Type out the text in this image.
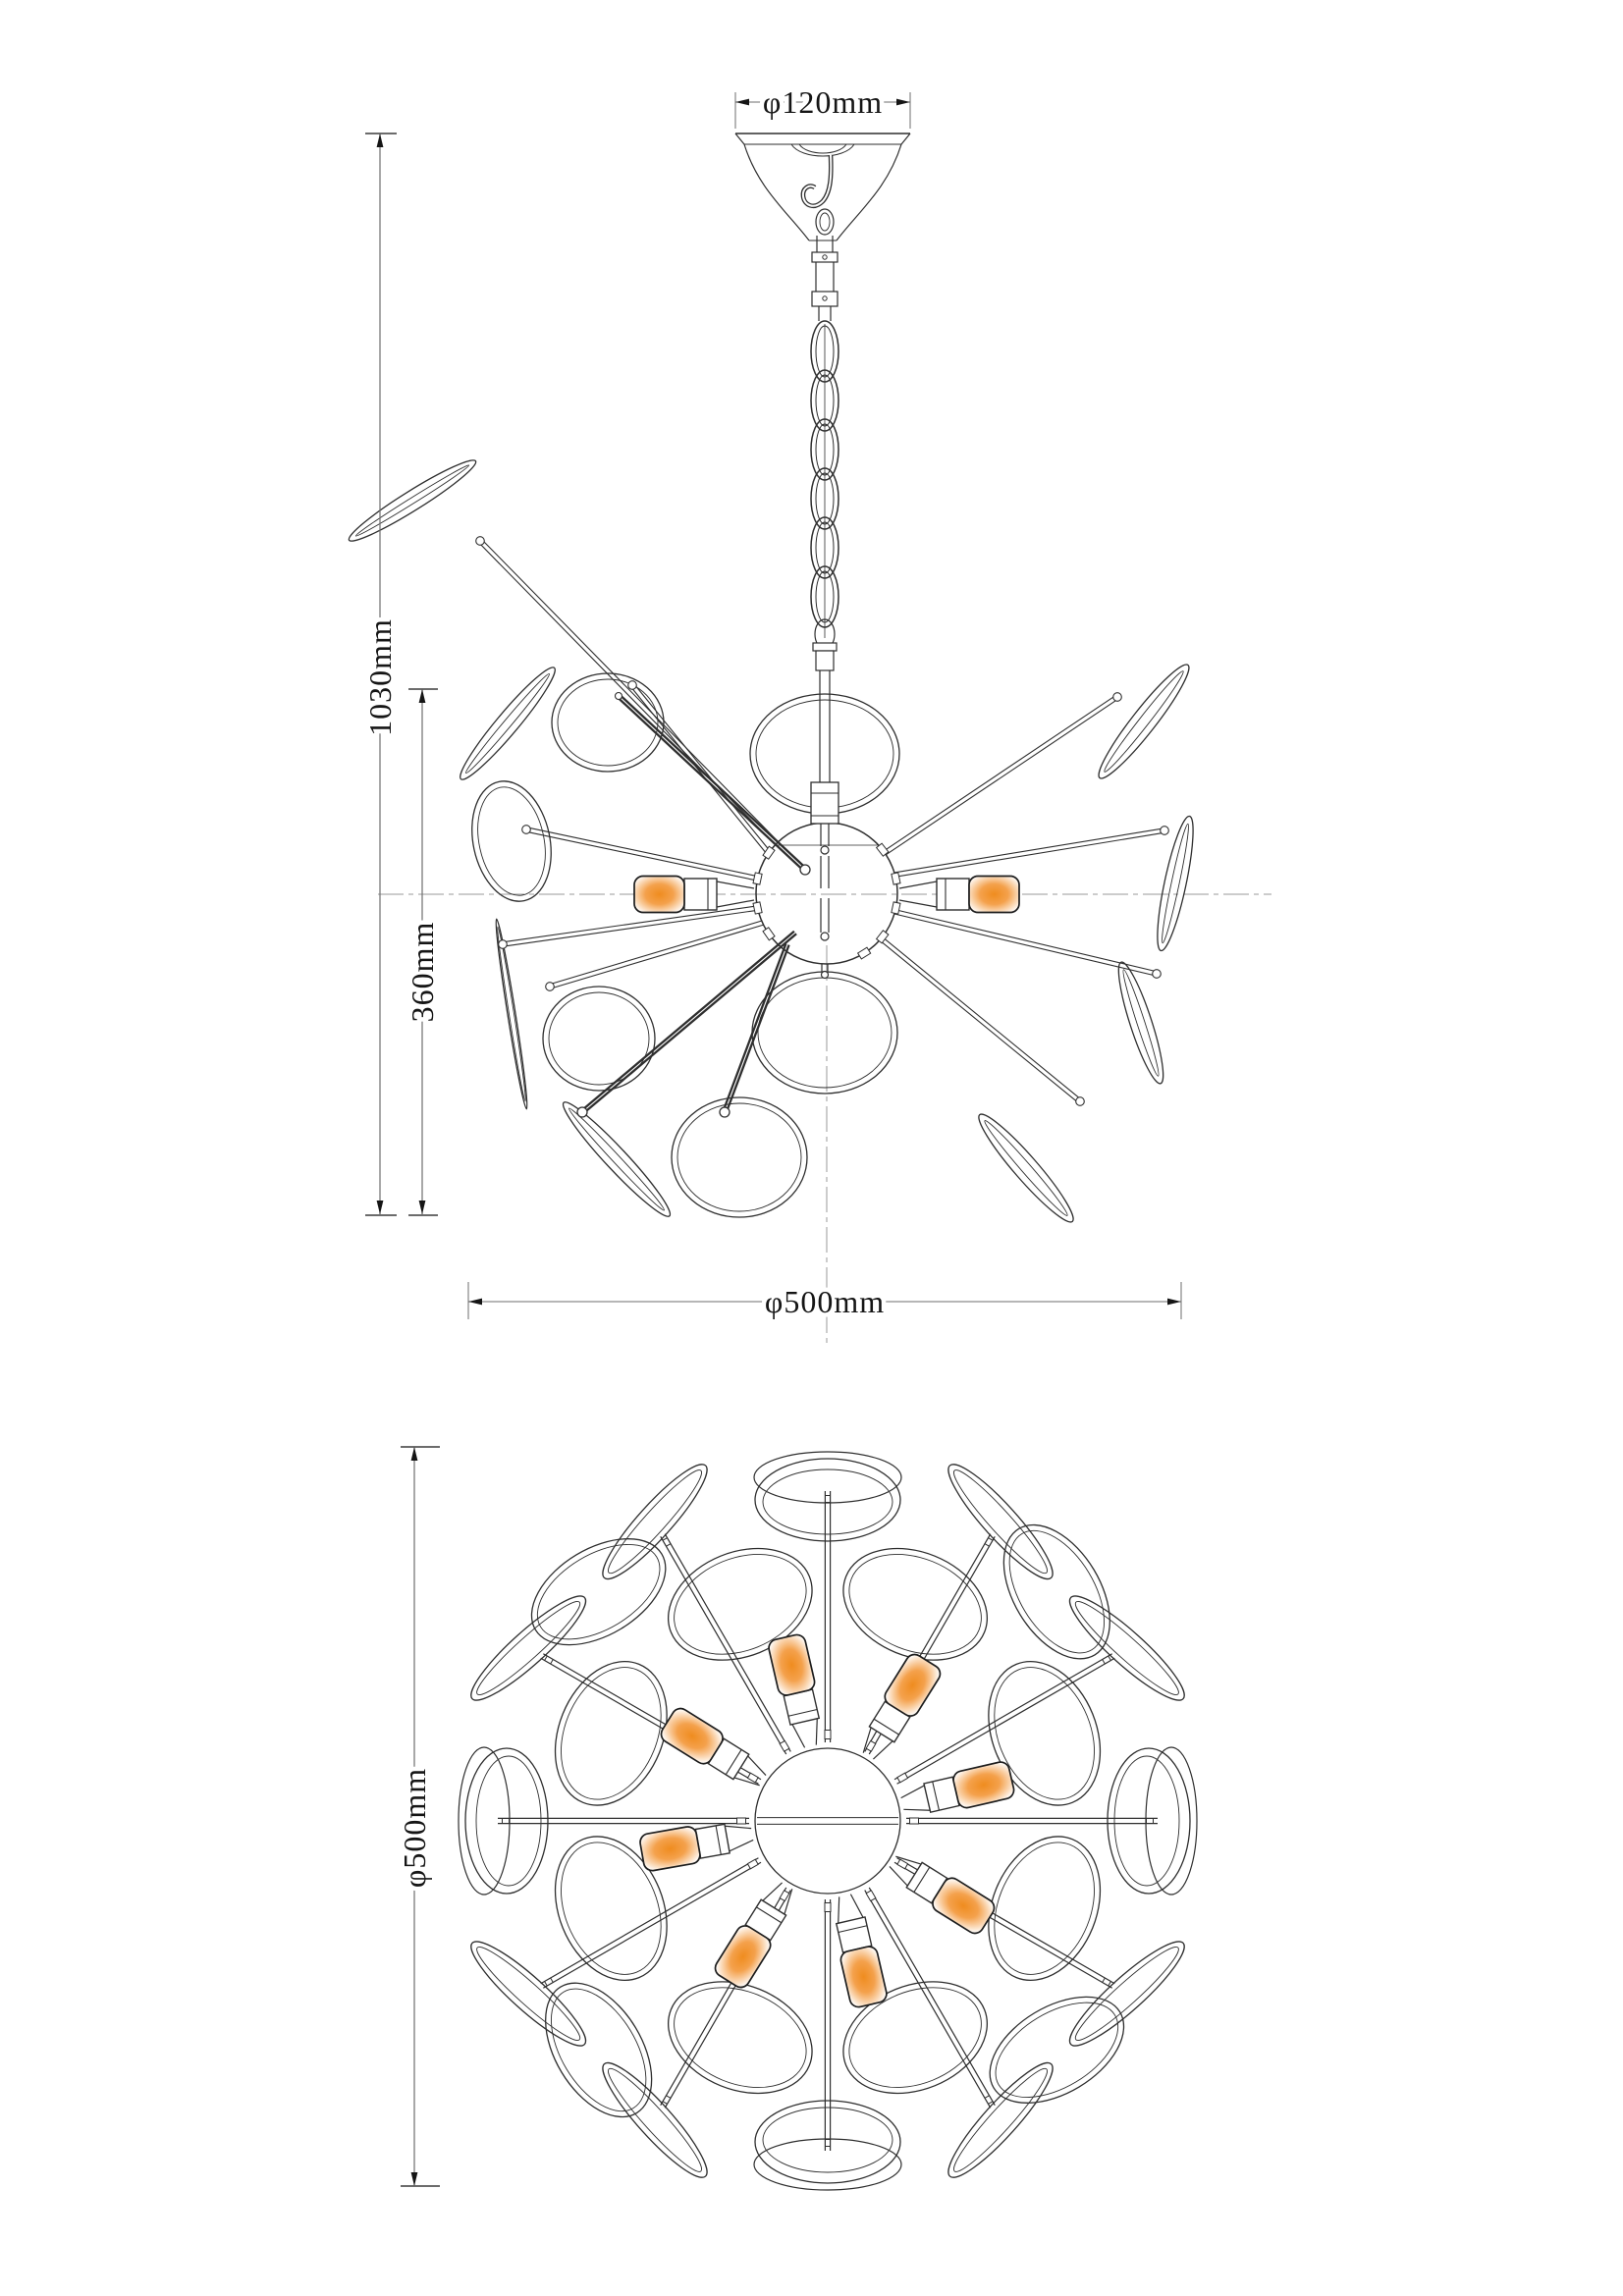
φ120mm
1030mm
360mm
φ500mm
φ500mm
